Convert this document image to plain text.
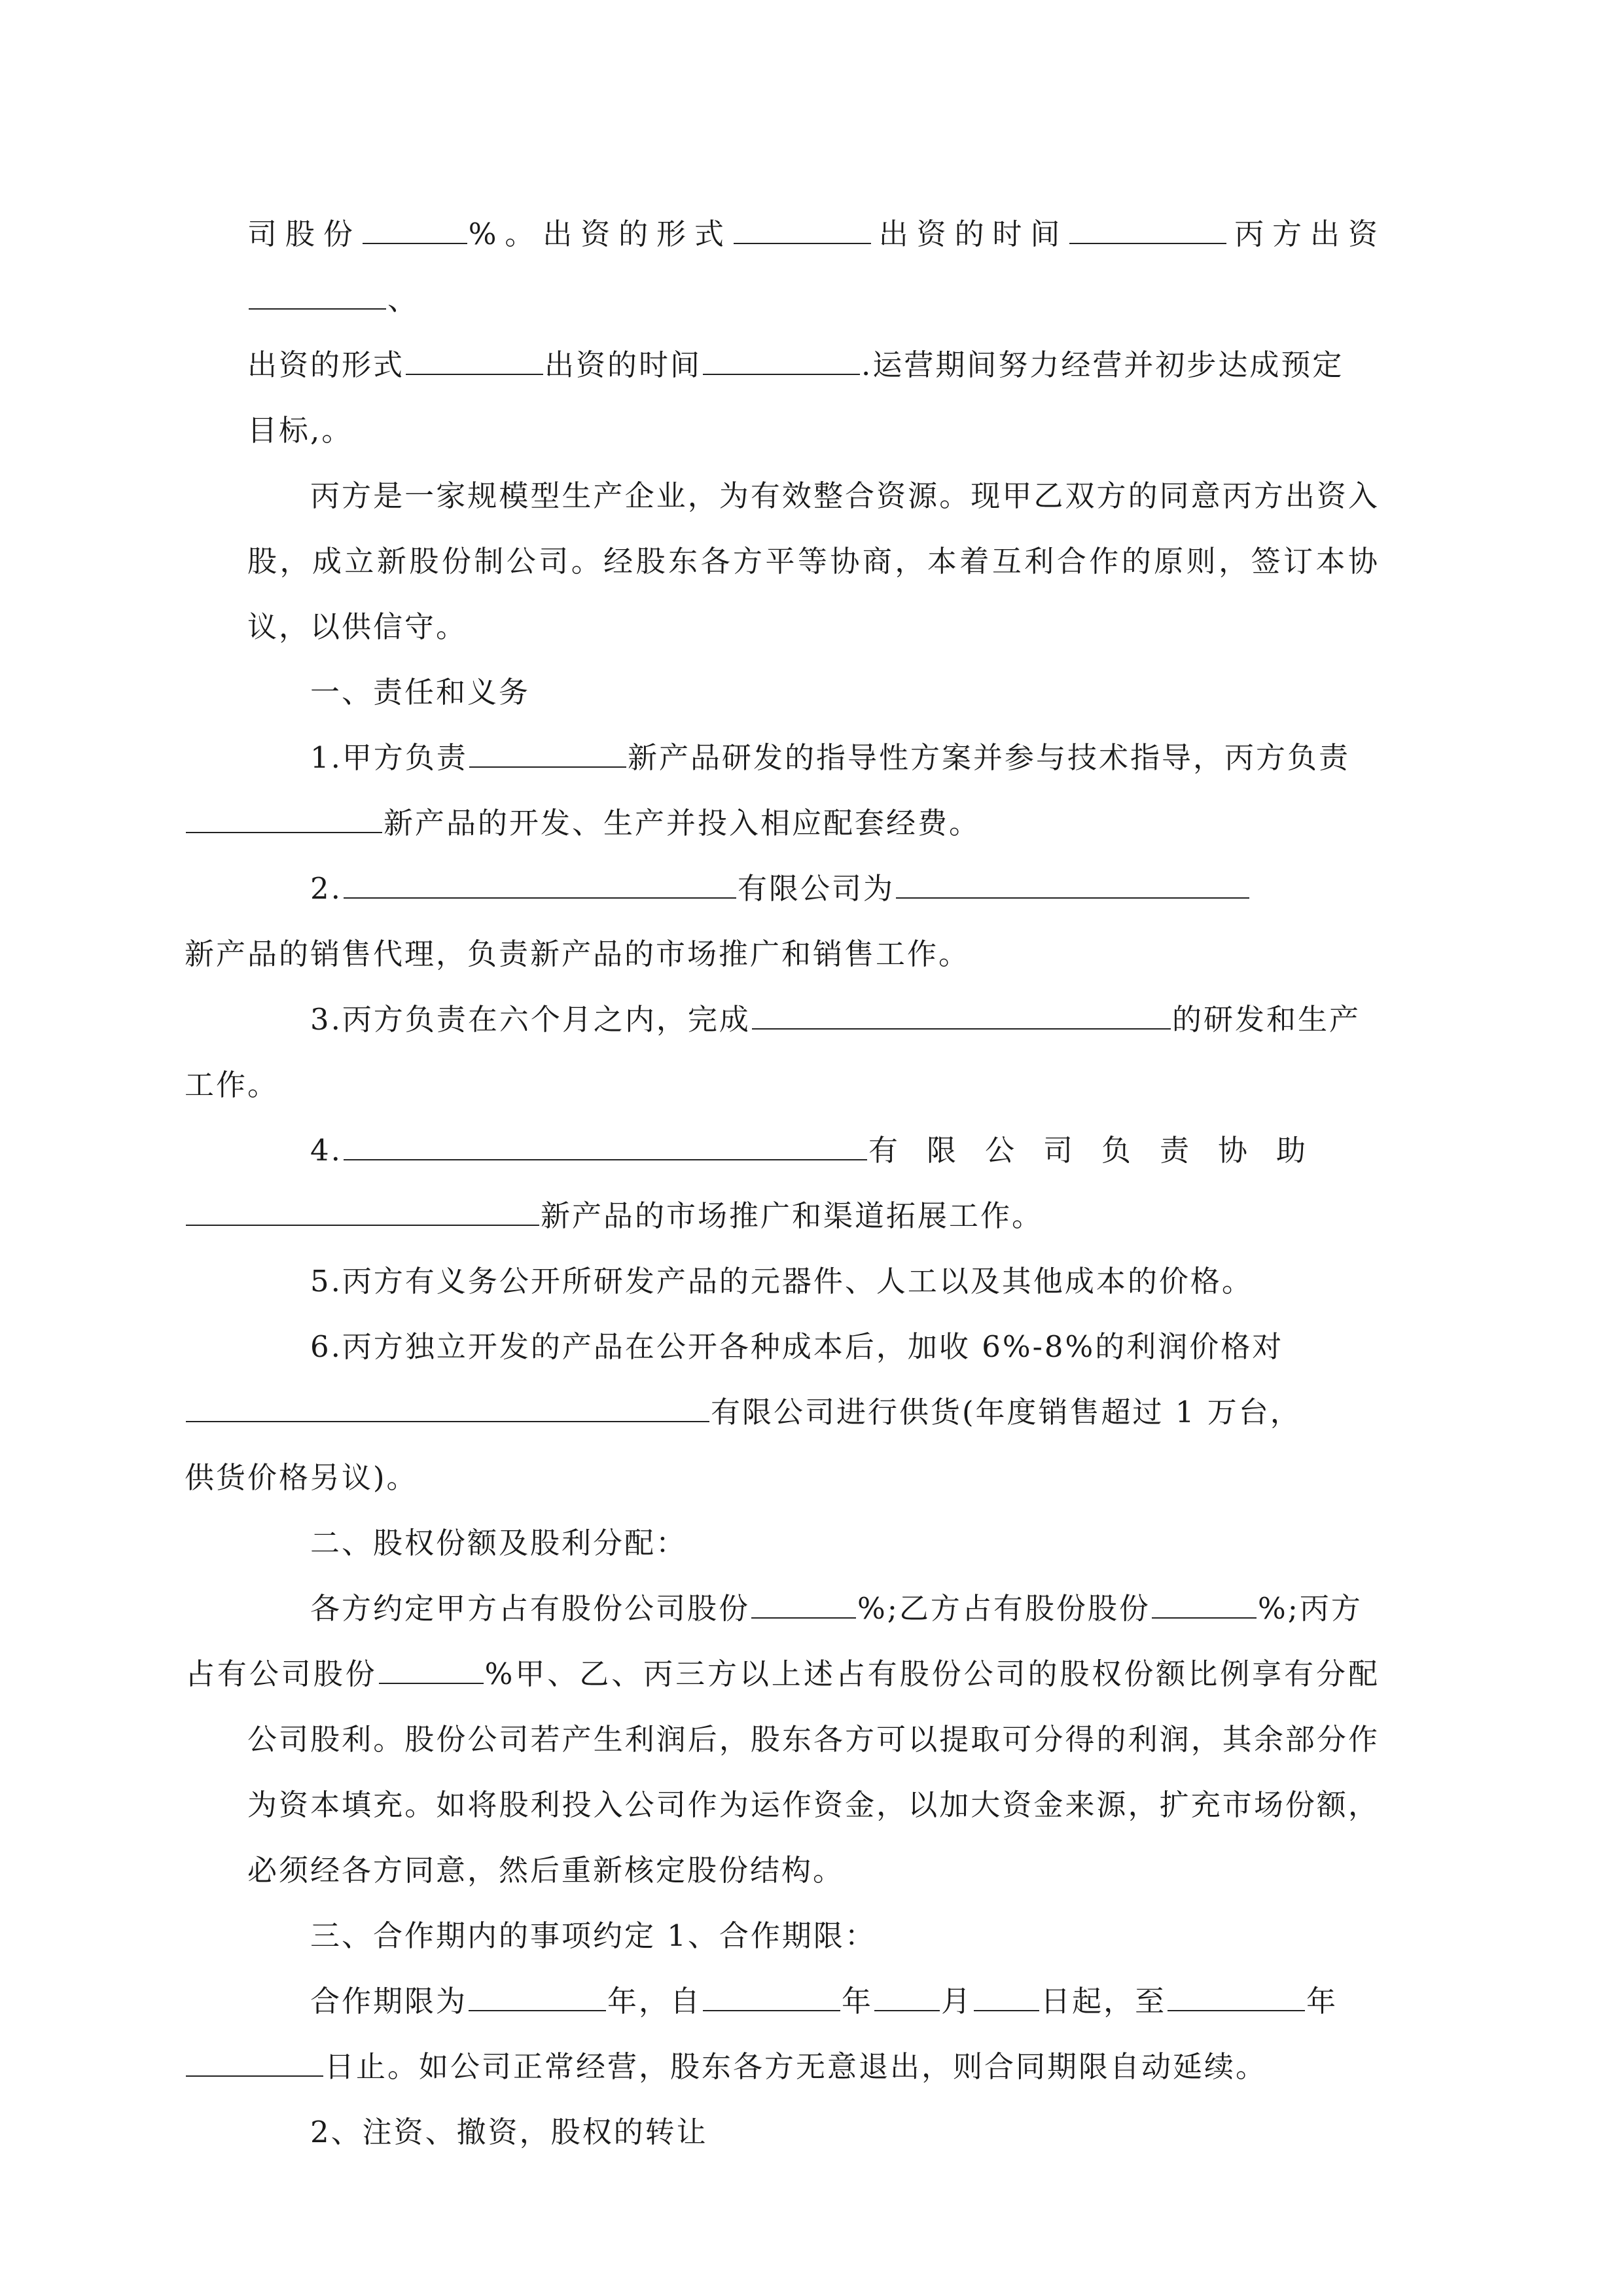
司股份	%。出资的形式	出资的时间	丙方出资、
出资的形式	出资的时间	.运营期间努力经营并初步达成预定
目标,。

丙方是一家规模型生产企业，为有效整合资源。现甲乙双方的同意丙方出资入股，成立新股份制公司。经股东各方平等协商，本着互利合作的原则，签订本协议，以供信守。

一、责任和义务

1.甲方负责	新产品研发的指导性方案并参与技术指导，丙方负责
新产品的开发、生产并投入相应配套经费。

2.	有限公司为
新产品的销售代理，负责新产品的市场推广和销售工作。

3.丙方负责在六个月之内，完成	的研发和生产
工作。

4.	有限公司负责协助
新产品的市场推广和渠道拓展工作。

5.丙方有义务公开所研发产品的元器件、人工以及其他成本的价格。

6.丙方独立开发的产品在公开各种成本后，加收 6%-8%的利润价格对
有限公司进行供货(年度销售超过 1 万台，
供货价格另议)。

二、股权份额及股利分配：

各方约定甲方占有股份公司股份	%;乙方占有股份股份	%;丙方
占有公司股份	%甲、乙、丙三方以上述占有股份公司的股权份额比例享有分配公司股利。股份公司若产生利润后，股东各方可以提取可分得的利润，其余部分作为资本填充。如将股利投入公司作为运作资金，以加大资金来源，扩充市场份额，必须经各方同意，然后重新核定股份结构。

三、合作期内的事项约定 1、合作期限：

合作期限为	年，自	年 月 日起，至	年
日止。如公司正常经营，股东各方无意退出，则合同期限自动延续。

2、注资、撤资，股权的转让
